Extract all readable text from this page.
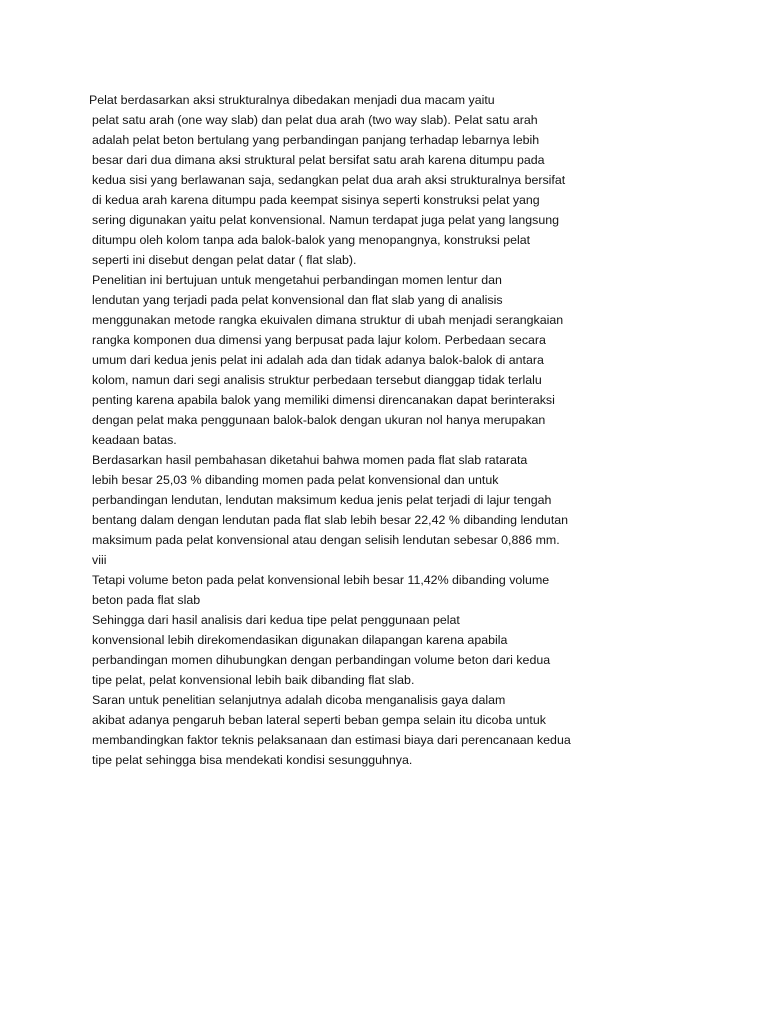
Pelat berdasarkan aksi strukturalnya dibedakan menjadi dua macam yaitu
pelat satu arah (one way slab) dan pelat dua arah (two way slab). Pelat satu arah
adalah pelat beton bertulang yang perbandingan panjang terhadap lebarnya lebih
besar dari dua dimana aksi struktural pelat bersifat satu arah karena ditumpu pada
kedua sisi yang berlawanan saja, sedangkan pelat dua arah aksi strukturalnya bersifat
di kedua arah karena ditumpu pada keempat sisinya seperti konstruksi pelat yang
sering digunakan yaitu pelat konvensional. Namun terdapat juga pelat yang langsung
ditumpu oleh kolom tanpa ada balok-balok yang menopangnya, konstruksi pelat
seperti ini disebut dengan pelat datar ( flat slab).
Penelitian ini bertujuan untuk mengetahui perbandingan momen lentur dan
lendutan yang terjadi pada pelat konvensional dan flat slab yang di analisis
menggunakan metode rangka ekuivalen dimana struktur di ubah menjadi serangkaian
rangka komponen dua dimensi yang berpusat pada lajur kolom. Perbedaan secara
umum dari kedua jenis pelat ini adalah ada dan tidak adanya balok-balok di antara
kolom, namun dari segi analisis struktur perbedaan tersebut dianggap tidak terlalu
penting karena apabila balok yang memiliki dimensi direncanakan dapat berinteraksi
dengan pelat maka penggunaan balok-balok dengan ukuran nol hanya merupakan
keadaan batas.
Berdasarkan hasil pembahasan diketahui bahwa momen pada flat slab ratarata
lebih besar 25,03 % dibanding momen pada pelat konvensional dan untuk
perbandingan lendutan, lendutan maksimum kedua jenis pelat terjadi di lajur tengah
bentang dalam dengan lendutan pada flat slab lebih besar 22,42 % dibanding lendutan
maksimum pada pelat konvensional atau dengan selisih lendutan sebesar 0,886 mm.
viii
Tetapi volume beton pada pelat konvensional lebih besar 11,42% dibanding volume
beton pada flat slab
Sehingga dari hasil analisis dari kedua tipe pelat penggunaan pelat
konvensional lebih direkomendasikan digunakan dilapangan karena apabila
perbandingan momen dihubungkan dengan perbandingan volume beton dari kedua
tipe pelat, pelat konvensional lebih baik dibanding flat slab.
Saran untuk penelitian selanjutnya adalah dicoba menganalisis gaya dalam
akibat adanya pengaruh beban lateral seperti beban gempa selain itu dicoba untuk
membandingkan faktor teknis pelaksanaan dan estimasi biaya dari perencanaan kedua
tipe pelat sehingga bisa mendekati kondisi sesungguhnya.
